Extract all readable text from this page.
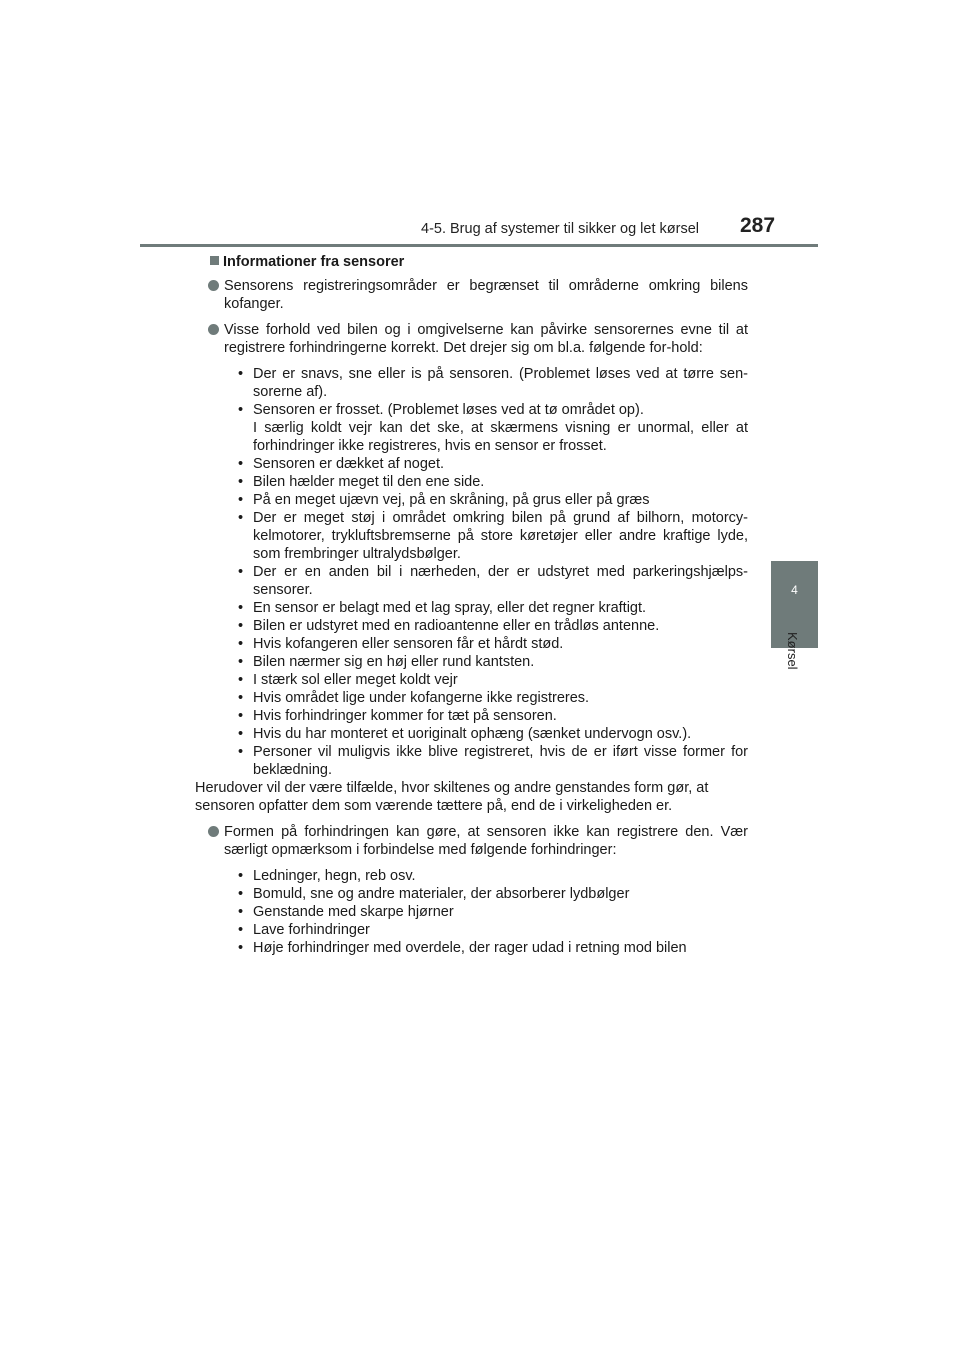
4-5. Brug af systemer til sikker og let kørsel 287
4
Kørsel
Informationer fra sensorer
Sensorens registreringsområder er begrænset til områderne omkring bilens kofanger.
Visse forhold ved bilen og i omgivelserne kan påvirke sensorernes evne til at registrere forhindringerne korrekt. Det drejer sig om bl.a. følgende for-hold:
• Der er snavs, sne eller is på sensoren. (Problemet løses ved at tørre sen-sorerne af).
• Sensoren er frosset. (Problemet løses ved at tø området op).
I særlig koldt vejr kan det ske, at skærmens visning er unormal, eller at forhindringer ikke registreres, hvis en sensor er frosset.
• Sensoren er dækket af noget.
• Bilen hælder meget til den ene side.
• På en meget ujævn vej, på en skråning, på grus eller på græs
• Der er meget støj i området omkring bilen på grund af bilhorn, motorcy-kelmotorer, trykluftsbremserne på store køretøjer eller andre kraftige lyde, som frembringer ultralydsbølger.
• Der er en anden bil i nærheden, der er udstyret med parkeringshjælps-sensorer.
• En sensor er belagt med et lag spray, eller det regner kraftigt.
• Bilen er udstyret med en radioantenne eller en trådløs antenne.
• Hvis kofangeren eller sensoren får et hårdt stød.
• Bilen nærmer sig en høj eller rund kantsten.
• I stærk sol eller meget koldt vejr
• Hvis området lige under kofangerne ikke registreres.
• Hvis forhindringer kommer for tæt på sensoren.
• Hvis du har monteret et uoriginalt ophæng (sænket undervogn osv.).
• Personer vil muligvis ikke blive registreret, hvis de er iført visse former for beklædning.
Herudover vil der være tilfælde, hvor skiltenes og andre genstandes form gør, at sensoren opfatter dem som værende tættere på, end de i virkeligheden er.
Formen på forhindringen kan gøre, at sensoren ikke kan registrere den. Vær særligt opmærksom i forbindelse med følgende forhindringer:
• Ledninger, hegn, reb osv.
• Bomuld, sne og andre materialer, der absorberer lydbølger
• Genstande med skarpe hjørner
• Lave forhindringer
• Høje forhindringer med overdele, der rager udad i retning mod bilen
